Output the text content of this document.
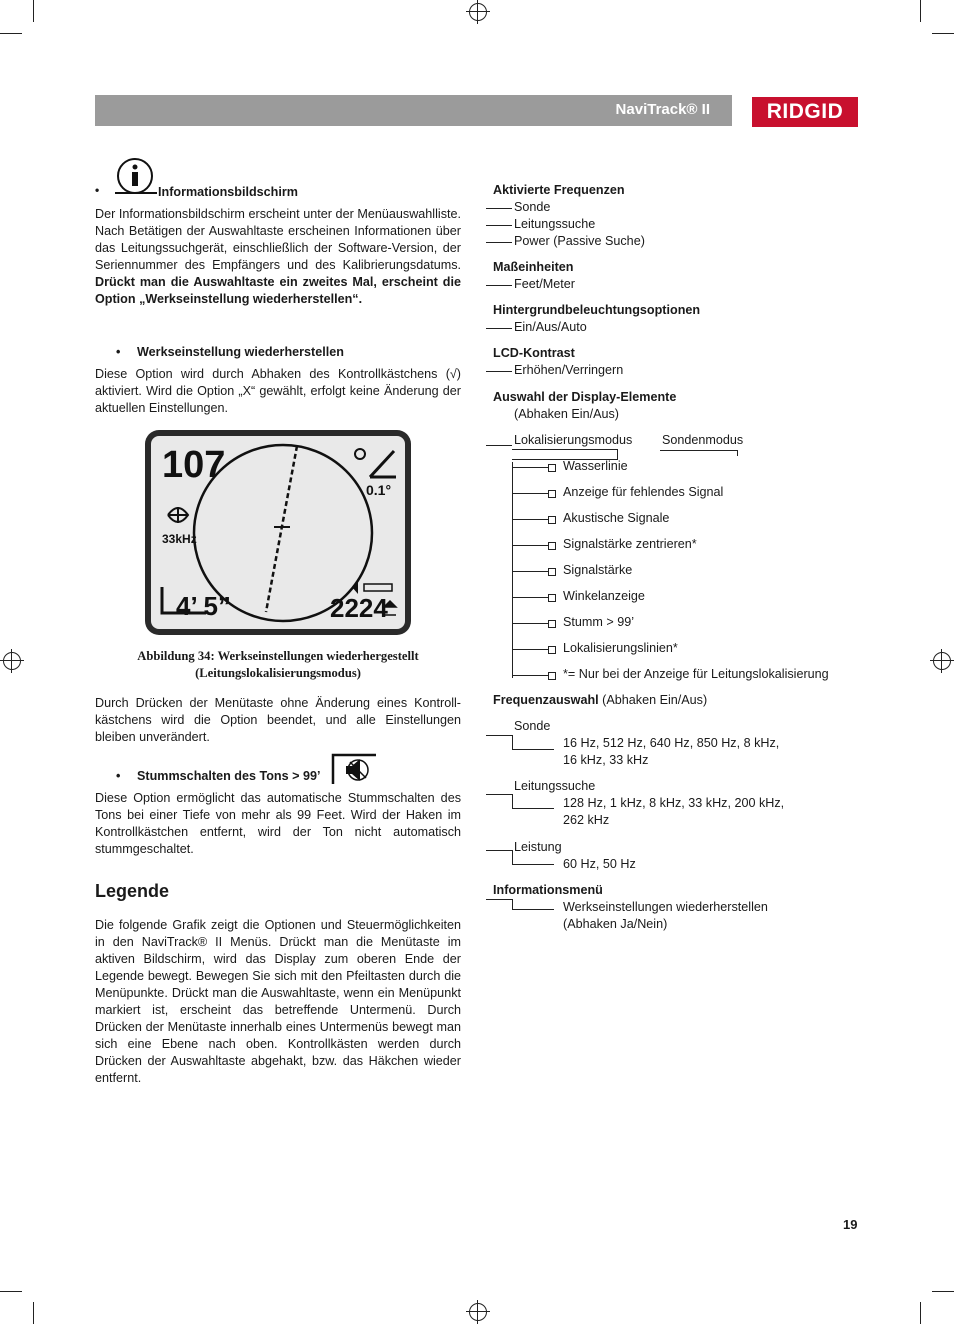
NaviTrack® II	RIDGID
•	Informationsbildschirm
Der Informationsbildschirm erscheint unter der Menüauswahlliste. Nach Betätigen der Auswahltaste erscheinen Informationen über das Leitungssuchgerät, einschließlich der Software-Version, der Seriennummer des Empfängers und des Kalibrierungsdatums. Drückt man die Auswahltaste ein zweites Mal, erscheint die Option „Werkseinstellung wiederherstellen“.
• Werkseinstellung wiederherstellen
Diese Option wird durch Abhaken des Kontrollkästchens (√) aktiviert. Wird die Option „X“ gewählt, erfolgt keine Änderung der aktuellen Einstellungen.
107
0.1°
33kHz
4’ 5”	2224
Abbildung 34: Werkseinstellungen wiederhergestellt
(Leitungslokalisierungsmodus)
Durch Drücken der Menütaste ohne Änderung eines Kontrollkästchens wird die Option beendet, und alle Einstellungen bleiben unverändert.
• Stummschalten des Tons > 99’
Diese Option ermöglicht das automatische Stummschalten des Tons bei einer Tiefe von mehr als 99 Feet. Wird der Haken im Kontrollkästchen entfernt, wird der Ton nicht automatisch stummgeschaltet.
Legende
Die folgende Grafik zeigt die Optionen und Steuermöglichkeiten in den NaviTrack® II Menüs. Drückt man die Menütaste im aktiven Bildschirm, wird das Display zum oberen Ende der Legende bewegt. Bewegen Sie sich mit den Pfeiltasten durch die Menüpunkte. Drückt man die Auswahltaste, wenn ein Menüpunkt markiert ist, erscheint das betreffende Untermenü. Durch Drücken der Menütaste innerhalb eines Untermenüs bewegt man sich eine Ebene nach oben. Kontrollkästen werden durch Drücken der Auswahltaste abgehakt, bzw. das Häkchen wieder entfernt.
Aktivierte Frequenzen
Sonde
Leitungssuche
Power (Passive Suche)
Maßeinheiten
Feet/Meter
Hintergrundbeleuchtungsoptionen
Ein/Aus/Auto
LCD-Kontrast
Erhöhen/Verringern
Auswahl der Display-Elemente
(Abhaken Ein/Aus)
Lokalisierungsmodus Sondenmodus
Wasserlinie
Anzeige für fehlendes Signal
Akustische Signale
Signalstärke zentrieren*
Signalstärke
Winkelanzeige
Stumm > 99’
Lokalisierungslinien*
*= Nur bei der Anzeige für Leitungslokalisierung
Frequenzauswahl (Abhaken Ein/Aus)
Sonde
16 Hz, 512 Hz, 640 Hz, 850 Hz, 8 kHz,
16 kHz, 33 kHz
Leitungssuche
128 Hz, 1 kHz, 8 kHz, 33 kHz, 200 kHz,
262 kHz
Leistung
60 Hz, 50 Hz
Informationsmenü
Werkseinstellungen wiederherstellen
(Abhaken Ja/Nein)
19
